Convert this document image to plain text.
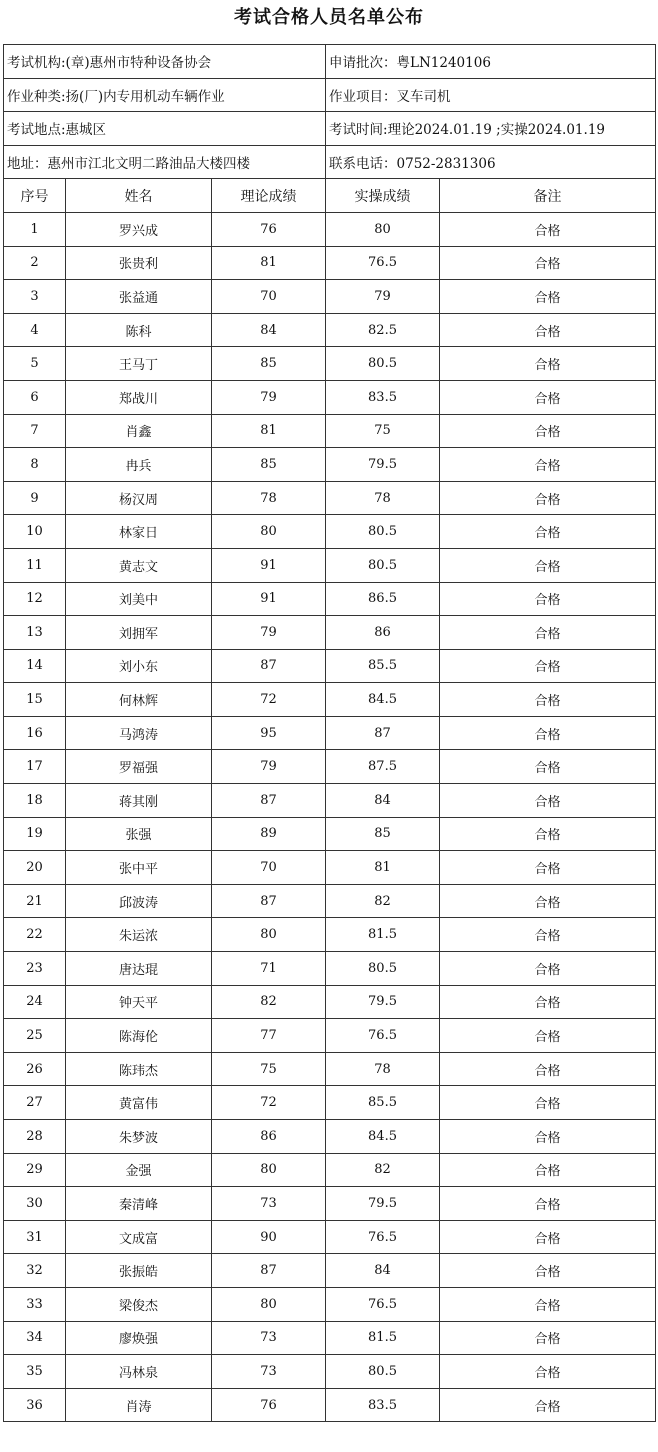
考试合格人员名单公布
考试机构:(章)惠州市特种设备协会			申请批次：粤LN1240106	
作业种类:扬(厂)内专用机动车辆作业			作业项目：叉车司机	
考试地点:惠城区			考试时间:理论2024.01.19 ;实操2024.01.19	
地址：惠州市江北文明二路油品大楼四楼			联系电话：0752-2831306	
序号	姓名	理论成绩	实操成绩	备注
1	罗兴成	76	80	合格
2	张贵利	81	76.5	合格
3	张益通	70	79	合格
4	陈科	84	82.5	合格
5	王马丁	85	80.5	合格
6	郑战川	79	83.5	合格
7	肖鑫	81	75	合格
8	冉兵	85	79.5	合格
9	杨汉周	78	78	合格
10	林家日	80	80.5	合格
11	黄志文	91	80.5	合格
12	刘美中	91	86.5	合格
13	刘拥军	79	86	合格
14	刘小东	87	85.5	合格
15	何林辉	72	84.5	合格
16	马鸿涛	95	87	合格
17	罗福强	79	87.5	合格
18	蒋其刚	87	84	合格
19	张强	89	85	合格
20	张中平	70	81	合格
21	邱波涛	87	82	合格
22	朱运浓	80	81.5	合格
23	唐达琨	71	80.5	合格
24	钟天平	82	79.5	合格
25	陈海伦	77	76.5	合格
26	陈玮杰	75	78	合格
27	黄富伟	72	85.5	合格
28	朱梦波	86	84.5	合格
29	金强	80	82	合格
30	秦清峰	73	79.5	合格
31	文成富	90	76.5	合格
32	张振皓	87	84	合格
33	梁俊杰	80	76.5	合格
34	廖焕强	73	81.5	合格
35	冯林泉	73	80.5	合格
36	肖涛	76	83.5	合格
